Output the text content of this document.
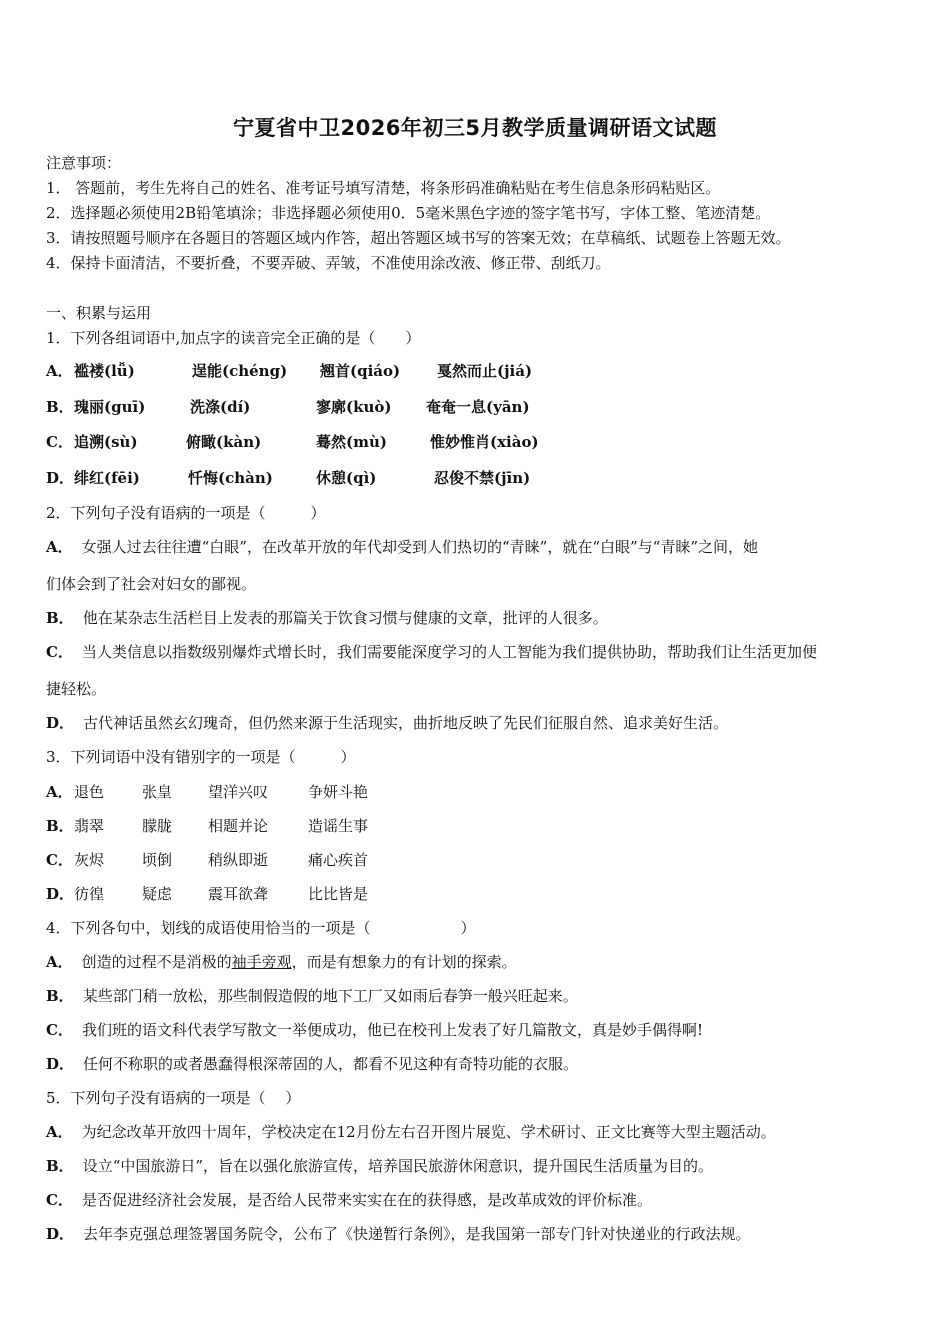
宁夏省中卫2026年初三5月教学质量调研语文试题
注意事项：
1． 答题前，考生先将自己的姓名、准考证号填写清楚，将条形码准确粘贴在考生信息条形码粘贴区。
2．选择题必须使用2B铅笔填涂；非选择题必须使用0．5毫米黑色字迹的签字笔书写，字体工整、笔迹清楚。
3．请按照题号顺序在各题目的答题区域内作答，超出答题区域书写的答案无效；在草稿纸、试题卷上答题无效。
4．保持卡面清洁，不要折叠，不要弄破、弄皱，不准使用涂改液、修正带、刮纸刀。
一、积累与运用
1．下列各组词语中,加点字的读音完全正确的是（　　）
A． 褴褛(lǚ)	逞能(chéng) 翘首(qiáo) 戛然而止(jiá)
B． 瑰丽(guī)	洗涤(dí)	寥廓(kuò) 奄奄一息(yān)
C． 追溯(sù)	俯瞰(kàn)	蓦然(mù)	惟妙惟肖(xiào)
D． 绯红(fēi)	忏悔(chàn)	休憩(qì)	忍俊不禁(jīn)
2．下列句子没有语病的一项是（　　　）
A． 女强人过去往往遭“白眼”，在改革开放的年代却受到人们热切的“青睐”，就在“白眼”与“青睐”之间，她
们体会到了社会对妇女的鄙视。
B． 他在某杂志生活栏目上发表的那篇关于饮食习惯与健康的文章，批评的人很多。
C． 当人类信息以指数级别爆炸式增长时，我们需要能深度学习的人工智能为我们提供协助，帮助我们让生活更加便
捷轻松。
D． 古代神话虽然玄幻瑰奇，但仍然来源于生活现实，曲折地反映了先民们征服自然、追求美好生活。
3．下列词语中没有错别字的一项是（　　　）
A． 退色	张皇 望洋兴叹	争妍斗艳
B． 翡翠	朦胧 相题并论	造谣生事
C． 灰烬	顷倒 稍纵即逝	痛心疾首
D． 彷徨	疑虑 震耳欲聋	比比皆是
4．下列各句中，划线的成语使用恰当的一项是（　　　　　　）
A． 创造的过程不是消极的袖手旁观，而是有想象力的有计划的探索。
B． 某些部门稍一放松，那些制假造假的地下工厂又如雨后春笋一般兴旺起来。
C． 我们班的语文科代表学写散文一举便成功，他已在校刊上发表了好几篇散文，真是妙手偶得啊!
D． 任何不称职的或者愚蠢得根深蒂固的人，都看不见这种有奇特功能的衣服。
5．下列句子没有语病的一项是（　 ）
A． 为纪念改革开放四十周年，学校决定在12月份左右召开图片展览、学术研讨、正文比赛等大型主题活动。
B． 设立“中国旅游日”，旨在以强化旅游宣传，培养国民旅游休闲意识，提升国民生活质量为目的。
C． 是否促进经济社会发展，是否给人民带来实实在在的获得感，是改革成效的评价标准。
D． 去年李克强总理签署国务院令，公布了《快递暂行条例》，是我国第一部专门针对快递业的行政法规。
